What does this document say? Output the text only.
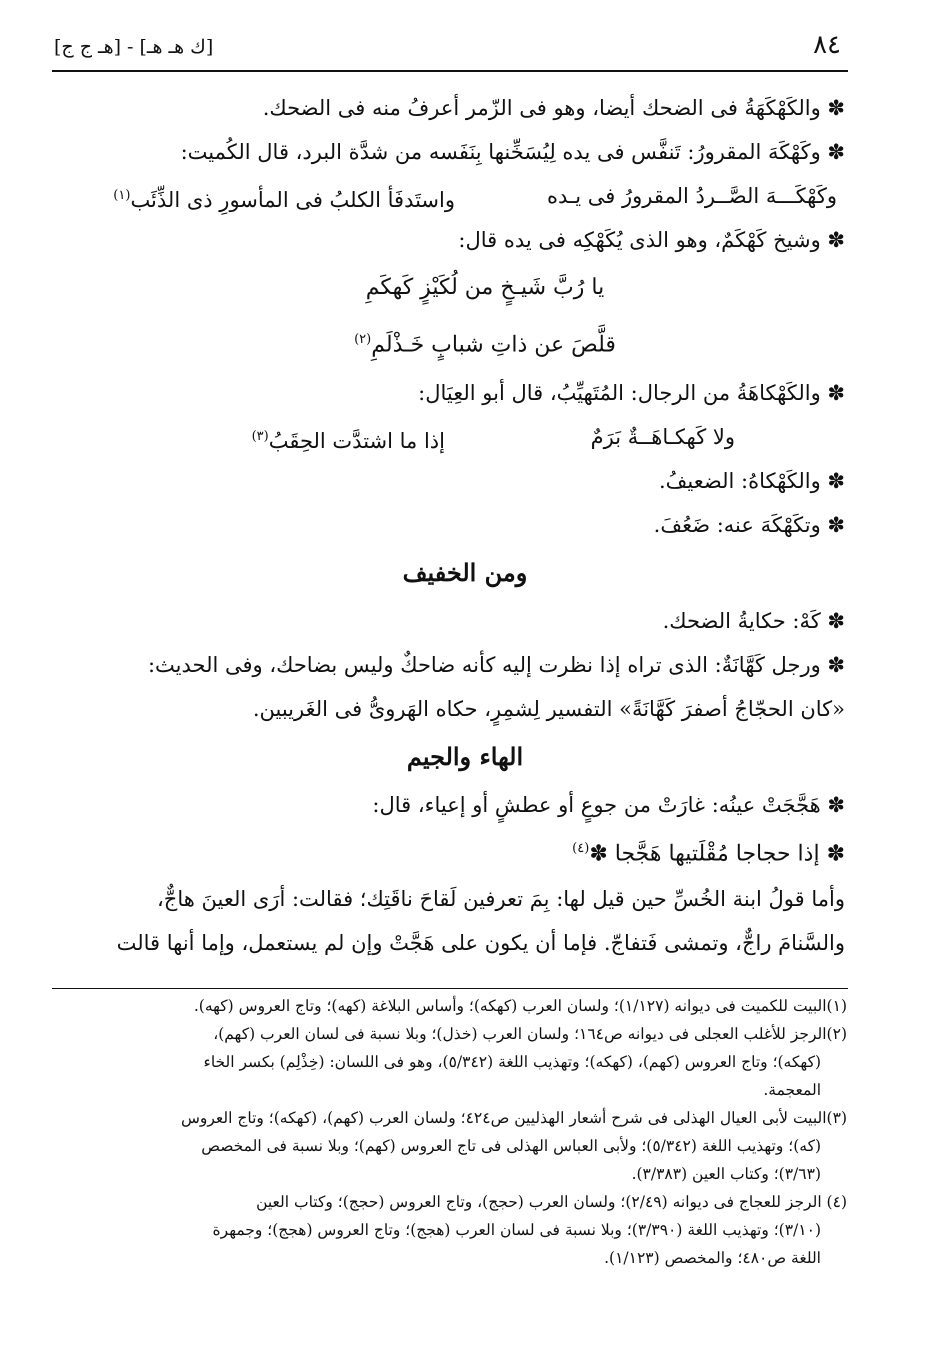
٨٤
[ك هـ هـ] - [هـ ج ج]
✽ والكَهْكَهَةُ فى الضحك أيضا، وهو فى الزّمر أعرفُ منه فى الضحك.
✽ وكَهْكَهَ المقرورُ: تَنفَّس فى يده لِيُسَخِّنها بِنَفَسه من شدَّة البرد، قال الكُميت:
وكَهْكَـــهَ الصَّــردُ المقرورُ فى يـده
واستَدفَأ الكلبُ فى المأسورِ ذى الذِّئَب$^{(١)}$
✽ وشيخ كَهْكَمٌ، وهو الذى يُكَهْكِه فى يده قال:
يا رُبَّ شَيـخٍ من لُكَيْزٍ كَهكَمِ
قلَّصَ عن ذاتِ شبابٍ خَـذْلَمِ$^{(٢)}$
✽ والكَهْكاهَةُ من الرجال: المُتَهيِّبُ، قال أبو العِيَال:
ولا كَهكـاهَــةٌ بَرَمٌ
إذا ما اشتدَّت الحِقَبُ$^{(٣)}$
✽ والكَهْكاهُ: الضعيفُ.
✽ وتكَهْكَهَ عنه: ضَعُفَ.
ومن الخفيف
✽ كَهْ: حكايةُ الضحك.
✽ ورجل كَهَّانَةٌ: الذى تراه إذا نظرت إليه كأنه ضاحكٌ وليس بضاحك، وفى الحديث:
«كان الحجّاجُ أصفرَ كَهَّانَةً» التفسير لِشمِرٍ، حكاه الهَروىُّ فى الغَريبين.
الهاء والجيم
✽ هَجَّجَتْ عينُه: غارَتْ من جوعٍ أو عطشٍ أو إعياء، قال:
✽ إذا حجاجا مُقْلَتيها هَجَّجا ✽$^{(٤)}$
وأما قولُ ابنة الخُسِّ حين قيل لها: بِمَ تعرفين لَقاحَ ناقَتِك؛ فقالت: أرَى العينَ هاجٌّ،
والسَّنامَ راجٌّ، وتمشى فَتفاجّ. فإما أن يكون على هَجَّتْ وإن لم يستعمل، وإما أنها قالت
(١)البيت للكميت فى ديوانه (١/١٢٧)؛ ولسان العرب (كهكه)؛ وأساس البلاغة (كهه)؛ وتاج العروس (كهه).
(٢)الرجز للأغلب العجلى فى ديوانه ص١٦٤؛ ولسان العرب (خذل)؛ وبلا نسبة فى لسان العرب (كهم)،
(كهكه)؛ وتاج العروس (كهم)، (كهكه)؛ وتهذيب اللغة (٥/٣٤٢)، وهو فى اللسان: (خِذْلِم) بكسر الخاء
المعجمة.
(٣)البيت لأبى العيال الهذلى فى شرح أشعار الهذليين ص٤٢٤؛ ولسان العرب (كهم)، (كهكه)؛ وتاج العروس
(كه)؛ وتهذيب اللغة (٥/٣٤٢)؛ ولأبى العباس الهذلى فى تاج العروس (كهم)؛ وبلا نسبة فى المخصص
(٣/٦٣)؛ وكتاب العين (٣/٣٨٣).
(٤) الرجز للعجاج فى ديوانه (٢/٤٩)؛ ولسان العرب (حجج)، وتاج العروس (حجج)؛ وكتاب العين
(٣/١٠)؛ وتهذيب اللغة (٣/٣٩٠)؛ وبلا نسبة فى لسان العرب (هجج)؛ وتاج العروس (هجج)؛ وجمهرة
اللغة ص٤٨٠؛ والمخصص (١/١٢٣).
